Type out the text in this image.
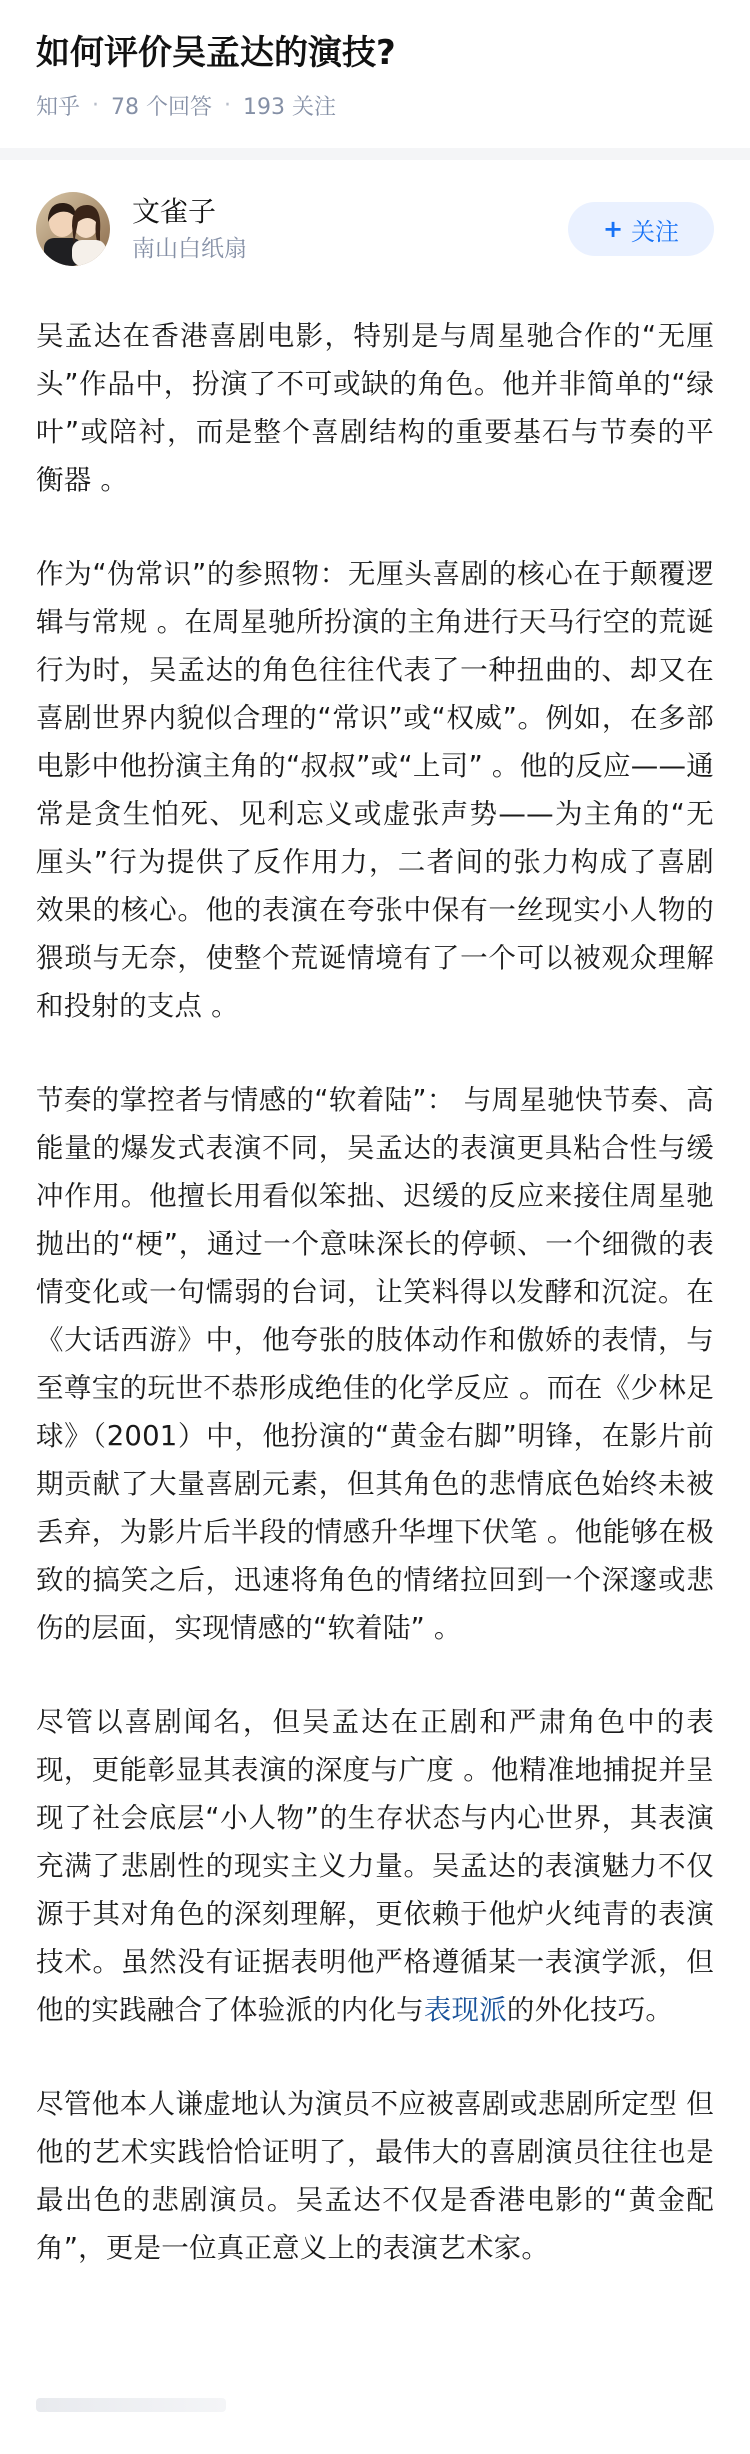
如何评价吴孟达的演技?
知乎 · 78 个回答 · 193 关注
文雀子
南山白纸扇
+ 关注

吴孟达在香港喜剧电影，特别是与周星驰合作的“无厘头”作品中，扮演了不可或缺的角色。他并非简单的“绿叶”或陪衬，而是整个喜剧结构的重要基石与节奏的平衡器 。

作为“伪常识”的参照物：无厘头喜剧的核心在于颠覆逻辑与常规 。在周星驰所扮演的主角进行天马行空的荒诞行为时，吴孟达的角色往往代表了一种扭曲的、却又在喜剧世界内貌似合理的“常识”或“权威”。例如，在多部电影中他扮演主角的“叔叔”或“上司” 。他的反应——通常是贪生怕死、见利忘义或虚张声势——为主角的“无厘头”行为提供了反作用力，二者间的张力构成了喜剧效果的核心。他的表演在夸张中保有一丝现实小人物的猥琐与无奈，使整个荒诞情境有了一个可以被观众理解和投射的支点 。

节奏的掌控者与情感的“软着陆”： 与周星驰快节奏、高能量的爆发式表演不同，吴孟达的表演更具粘合性与缓冲作用。他擅长用看似笨拙、迟缓的反应来接住周星驰抛出的“梗”，通过一个意味深长的停顿、一个细微的表情变化或一句懦弱的台词，让笑料得以发酵和沉淀。在《大话西游》中，他夸张的肢体动作和傲娇的表情，与至尊宝的玩世不恭形成绝佳的化学反应 。而在《少林足球》（2001）中，他扮演的“黄金右脚”明锋，在影片前期贡献了大量喜剧元素，但其角色的悲情底色始终未被丢弃，为影片后半段的情感升华埋下伏笔 。他能够在极致的搞笑之后，迅速将角色的情绪拉回到一个深邃或悲伤的层面，实现情感的“软着陆” 。

尽管以喜剧闻名，但吴孟达在正剧和严肃角色中的表现，更能彰显其表演的深度与广度 。他精准地捕捉并呈现了社会底层“小人物”的生存状态与内心世界，其表演充满了悲剧性的现实主义力量。吴孟达的表演魅力不仅源于其对角色的深刻理解，更依赖于他炉火纯青的表演技术。虽然没有证据表明他严格遵循某一表演学派，但他的实践融合了体验派的内化与表现派的外化技巧。

尽管他本人谦虚地认为演员不应被喜剧或悲剧所定型 但他的艺术实践恰恰证明了，最伟大的喜剧演员往往也是最出色的悲剧演员。吴孟达不仅是香港电影的“黄金配角”，更是一位真正意义上的表演艺术家。
